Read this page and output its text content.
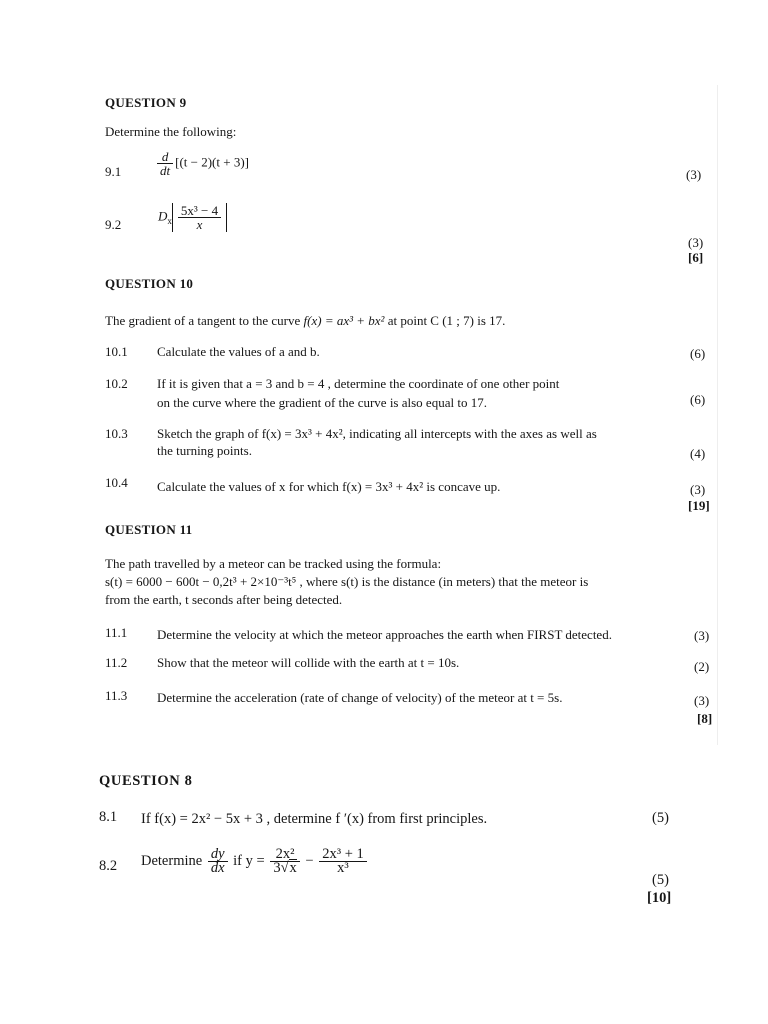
QUESTION 9
Determine the following:
9.1	$\frac{d}{dt} [(t - 2)(t + 3)]$
(3)
9.2
$D_x \frac{\text{5x³ − 4}}{x}$
(3)
[6]
QUESTION 10
The gradient of a tangent to the curve f(x) = ax³ + bx² at point C (1 ; 7) is 17.
10.1 Calculate the values of a and b.	(6)
10.2 If it is given that a = 3 and b = 4 , determine the coordinate of one other point
on the curve where the gradient of the curve is also equal to 17.	(6)
10.3 Sketch the graph of f(x) = 3x³ + 4x², indicating all intercepts with the axes as well as
the turning points.	(4)
10.4 Calculate the values of x for which f(x) = 3x³ + 4x² is concave up.	(3)
[19]
QUESTION 11
The path travelled by a meteor can be tracked using the formula:
s(t) = 6000 − 600t − 0,2t³ + 2×10⁻³t⁵ , where s(t) is the distance (in meters) that the meteor is
from the earth, t seconds after being detected.
11.1 Determine the velocity at which the meteor approaches the earth when FIRST detected.	(3)
11.2 Show that the meteor will collide with the earth at t = 10s.	(2)
11.3 Determine the acceleration (rate of change of velocity) of the meteor at t = 5s.	(3)
[8]
QUESTION 8
8.1 If f(x) = 2x² − 5x + 3 , determine f ′(x) from first principles.	(5)
8.2 Determine $\frac{dy}{dx}$ if $y = \frac{\text{2x²}}{3√x} - \frac{\text{2x³ + 1}}{\text{x³}}$
(5)
[10]
